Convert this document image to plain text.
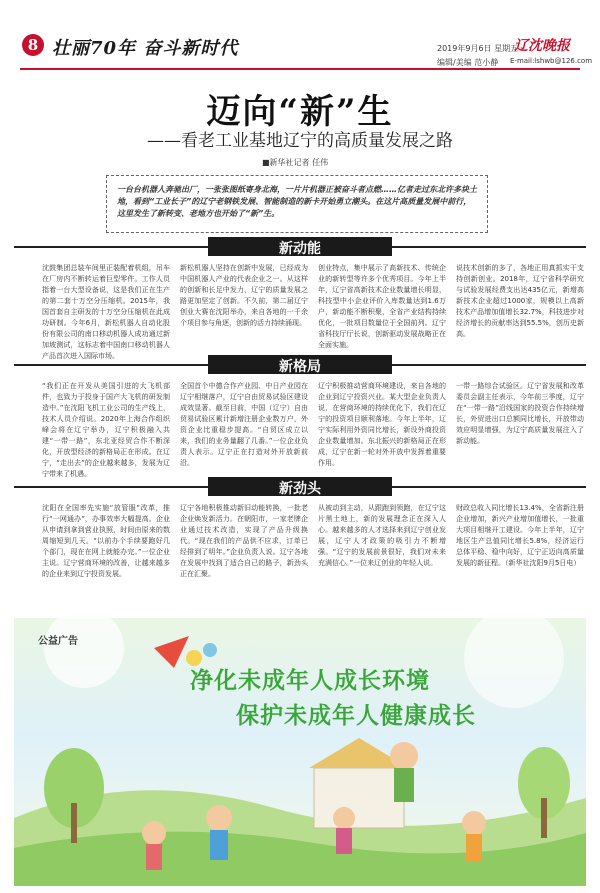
8 壮丽70年 奋斗新时代	2019年9月6日 星期五
编辑/美编 范小静
辽沈晚报
E-mail:lshwb@126.com
迈向“新”生
——看老工业基地辽宁的高质量发展之路
■新华社记者 任伟
一台台机器人奔驰出厂，一张张图纸寄身北海，一片片机器正被奋斗者点燃……亿者走过东北许多块土地，看到“工业长子”的辽宁老钢铁发展、智能制造的新卡开始勇立潮头。在这片高质量发展中前行，这里发生了新转变、老地方也开始了“新”生。
新动能
沈鼓集团总装车间里正装配着机组，吊车在厂房内不断转运着巨型零件。工作人员指着一台大型设备说，这是我们正在生产的第二套十万空分压缩机。2015年，我国首套自主研发的十万空分压缩机在此成功研制。今年6月，新松机器人自动化股份有限公司的南口移动机器人成功通过新加坡测试，这标志着中国南口移动机器人产品首次进入国际市场。
新松机器人坚持在创新中发展，已经成为中国机器人产业的代表企业之一。从这样的创新和长足中发力，辽宁的质量发展之路更加坚定了创新。不久前，第二届辽宁创业大赛在沈阳举办，来自各地的一千余个项目参与角逐，创新的活力持续涌现。
创业特点，集中展示了高新技术、传统企业的新转型等许多个优秀项目。今年上半年，辽宁省高新技术企业数量增长明显，科技型中小企业评价入库数量达到1.6万户，新动能不断积聚，全省产业结构持续优化，一批项目数量位于全国前列。辽宁省科技厅厅长说，创新驱动发展战略正在全面实施。
说技术创新的多了，各地正用真抓实干支持创新创业。2018年，辽宁省科学研究与试验发展经费支出达435亿元，新增高新技术企业超过1000家，规模以上高新技术产品增加值增长32.7%，科技进步对经济增长的贡献率达到55.5%，创历史新高。
新格局
“我们正在开发从美国引进的大飞机部件，也致力于投身于国产大飞机的研发制造中。”在沈阳飞机工业公司的生产线上，技术人员介绍说。2020年上海合作组织峰会将在辽宁举办，辽宁积极融入共建“一带一路”，东北亚经贸合作不断深化，开放型经济的新格局正在形成。在辽宁，“走出去”的企业越来越多，发展为辽宁带来了机遇。
全国首个中德合作产业园、中日产业园在辽宁相继落户，辽宁自由贸易试验区建设成效显著。截至目前，中国（辽宁）自由贸易试验区累计新增注册企业数万户，外资企业比重稳步提高。“自贸区成立以来，我们的业务量翻了几番。”一位企业负责人表示。辽宁正在打造对外开放新前沿。
辽宁积极推动营商环境建设，来自各地的企业到辽宁投资兴业。某大型企业负责人说，在营商环境的持续优化下，我们在辽宁的投资项目顺利落地。今年上半年，辽宁实际利用外资同比增长，新设外商投资企业数量增加。东北振兴的新格局正在形成，辽宁在新一轮对外开放中发挥着重要作用。
一带一路综合试验区。辽宁省发展和改革委员会副主任表示，今年前三季度，辽宁在“一带一路”沿线国家的投资合作持续增长，外贸进出口总额同比增长，开放带动效应明显增强，为辽宁高质量发展注入了新动能。
新劲头
沈阳在全国率先实施“放管服”改革，推行“一网通办”，办事效率大幅提高。企业从申请到拿到营业执照，时间由原来的数周缩短到几天。“以前办个手续要跑好几个部门，现在在网上就能办完。”一位企业主说。辽宁营商环境的改善，让越来越多的企业来到辽宁投资发展。
辽宁各地积极推动新旧动能转换，一批老企业焕发新活力。在朝阳市，一家老牌企业通过技术改造，实现了产品升级换代。“现在我们的产品供不应求，订单已经排到了明年。”企业负责人说。辽宁各地在发展中找到了适合自己的路子，新劲头正在汇聚。
从被动到主动，从跟跑到领跑，在辽宁这片黑土地上，新的发展理念正在深入人心。越来越多的人才选择来到辽宁创业发展，辽宁人才政策的吸引力不断增强。“辽宁的发展前景很好，我们对未来充满信心。”一位来辽创业的年轻人说。
财政总收入同比增长13.4%，全省新注册企业增加，新兴产业增加值增长，一批重大项目相继开工建设。今年上半年，辽宁地区生产总值同比增长5.8%，经济运行总体平稳、稳中向好，辽宁正迈向高质量发展的新征程。（新华社沈阳9月5日电）
公益广告
净化未成年人成长环境
保护未成年人健康成长
